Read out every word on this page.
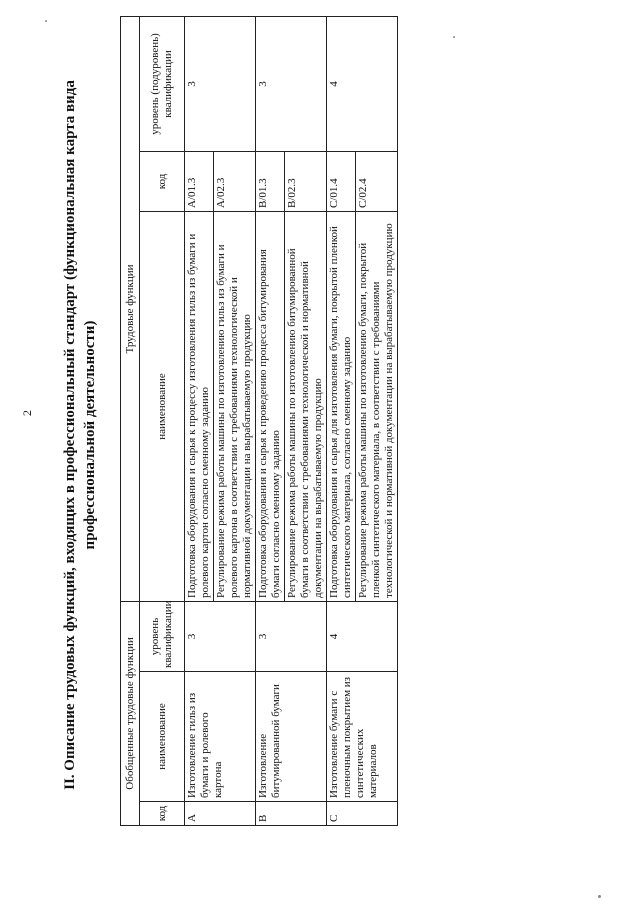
2 II. Описание трудовых функций, входящих в профессиональный стандарт (функциональная карта вида профессиональной деятельности)
Обобщенные трудовые функции			Трудовые функции		
код	наименование	уровень квалификации	наименование	код	уровень (подуровень) квалификации
A	Изготовление гильз из бумаги и ролевого картона	3	Подготовка оборудования и сырья к процессу изготовления гильз из бумаги и ролевого картон согласно сменному заданию	A/01.3	3
			Регулирование режима работы машины по изготовлению гильз из бумаги и ролевого картона в соответствии с требованиями технологической и нормативной документации на вырабатываемую продукцию	A/02.3	
B	Изготовление битумированной бумаги	3	Подготовка оборудования и сырья к проведению процесса битумирования бумаги согласно сменному заданию	B/01.3	3
			Регулирование режима работы машины по изготовлению битумированной бумаги в соответствии с требованиями технологической и нормативной документации на вырабатываемую продукцию	B/02.3	
C	Изготовление бумаги с пленочным покрытием из синтетических материалов	4	Подготовка оборудования и сырья для изготовления бумаги, покрытой пленкой синтетического материала, согласно сменному заданию	C/01.4	4
			Регулирование режима работы машины по изготовлению бумаги, покрытой пленкой синтетического материала, в соответствии с требованиями технологической и нормативной документации на вырабатываемую продукцию	C/02.4	
